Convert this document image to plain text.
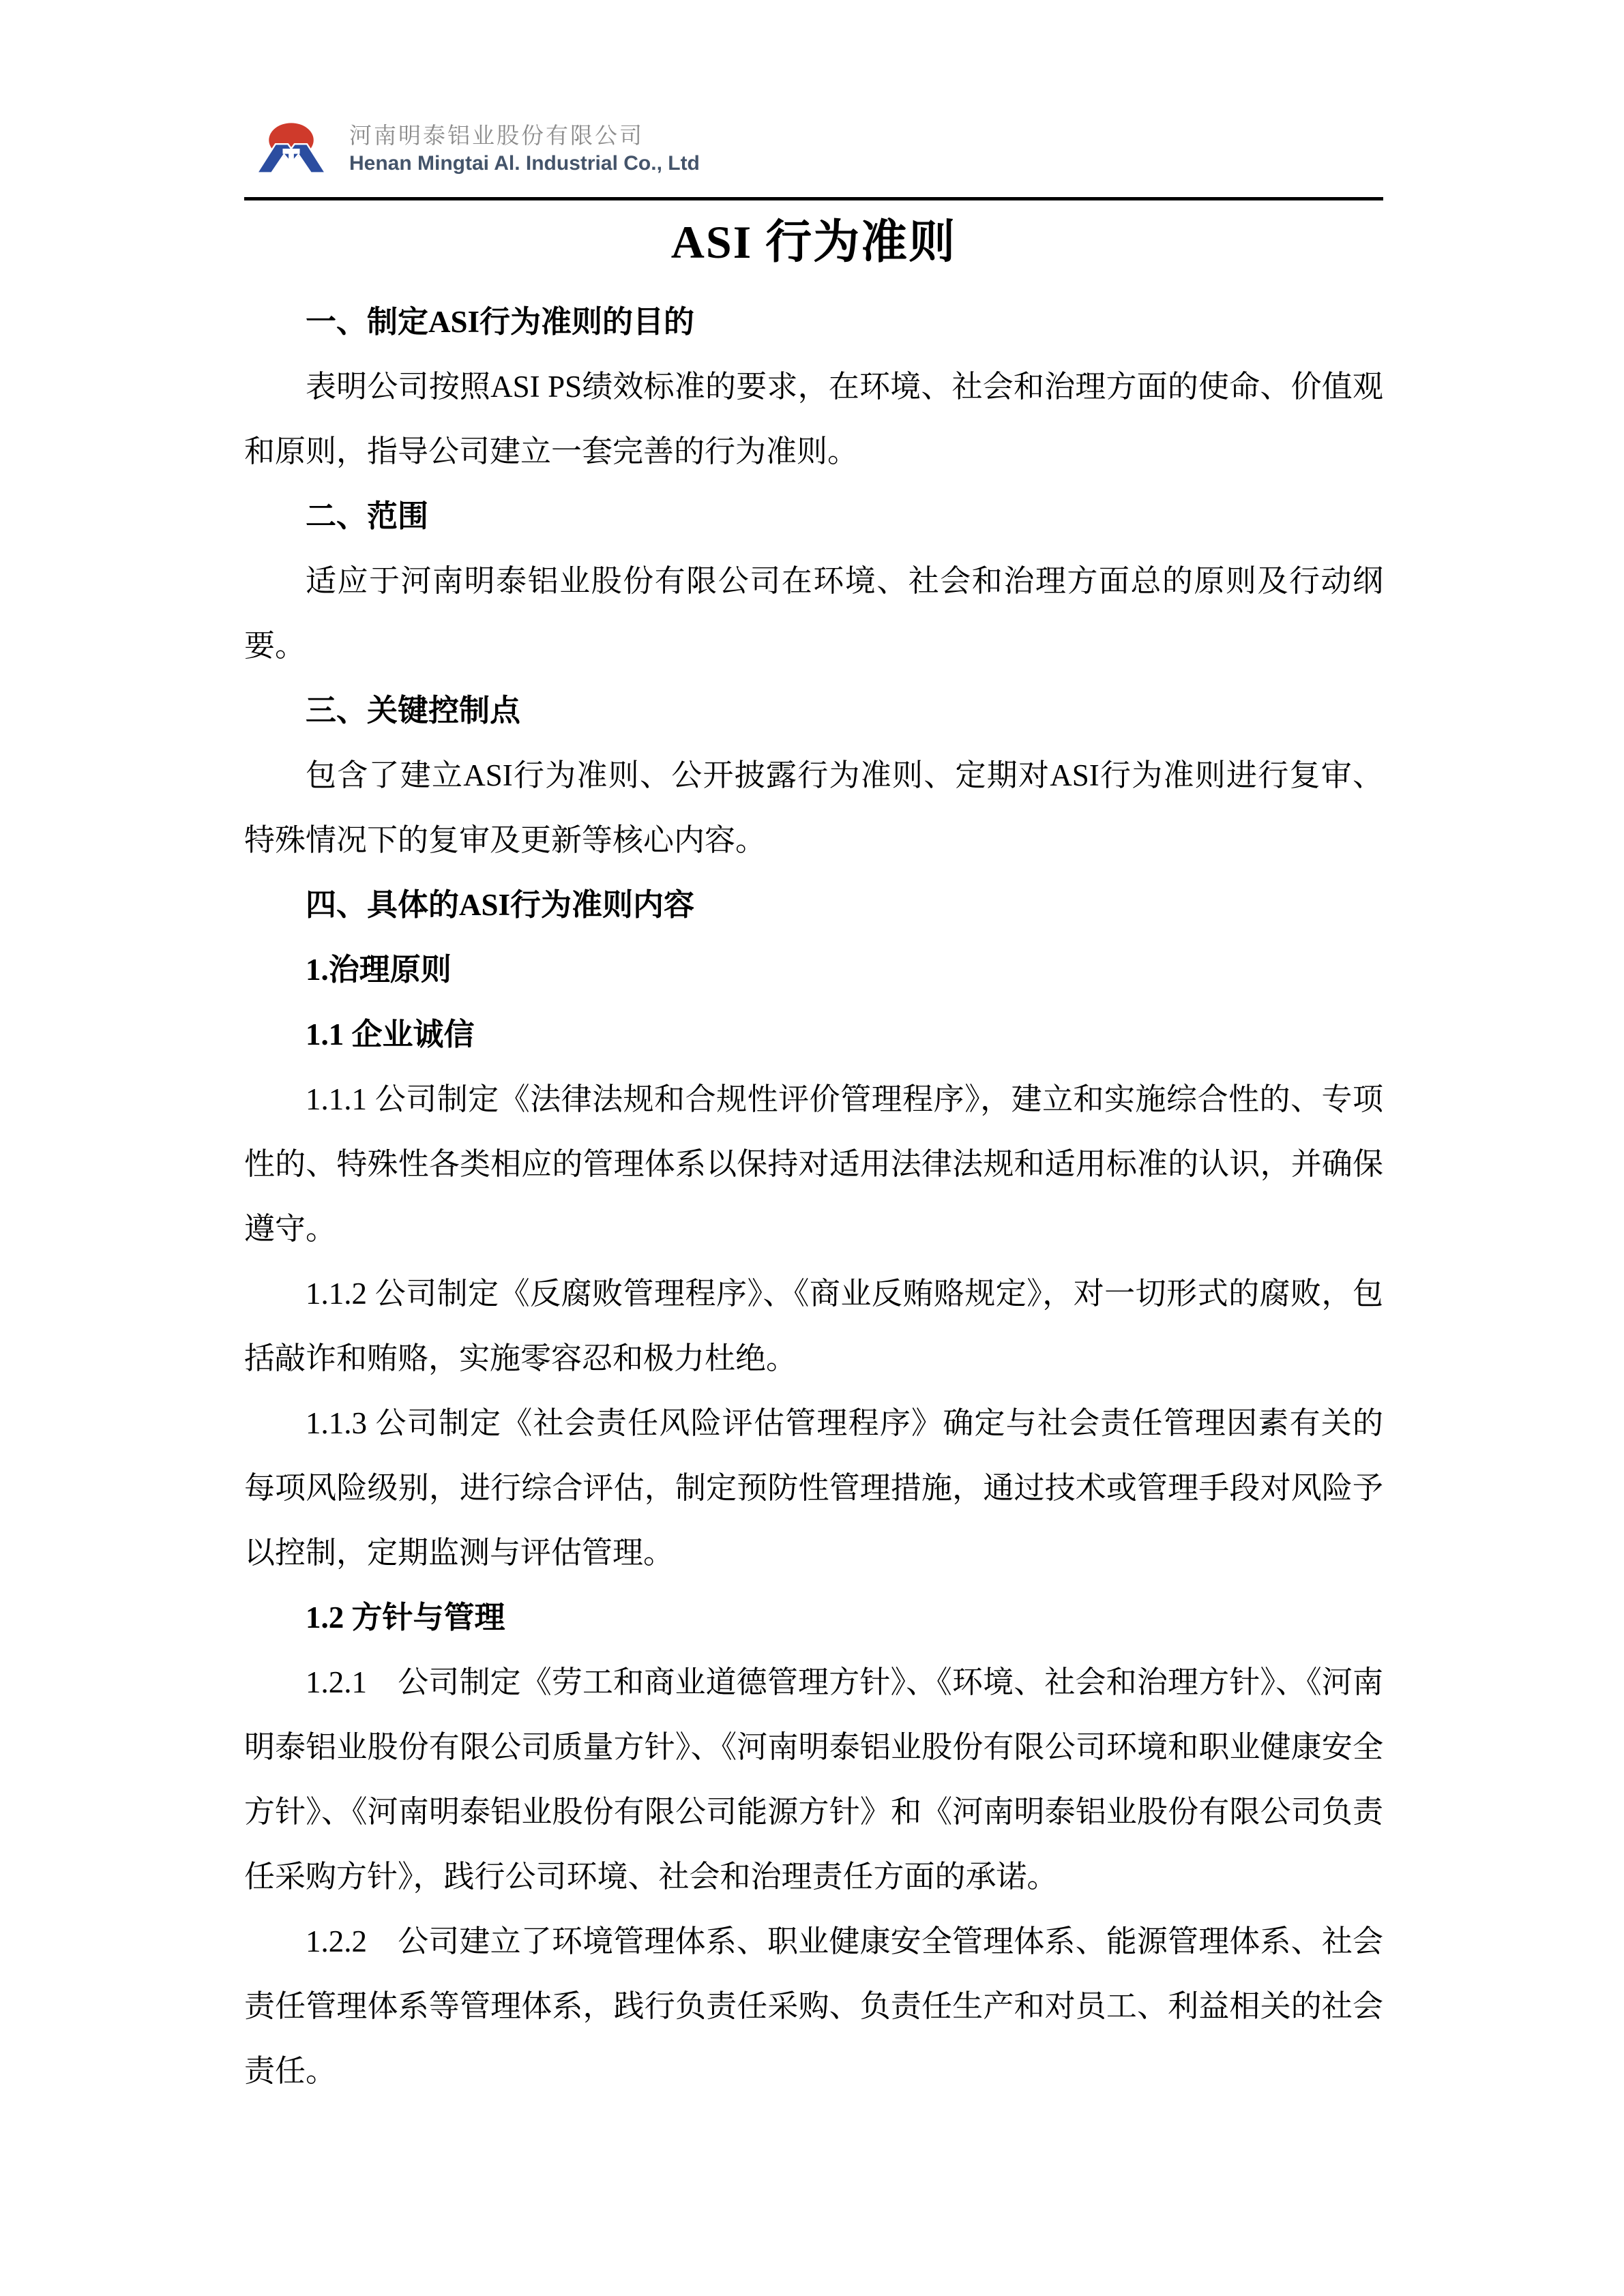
河南明泰铝业股份有限公司
Henan Mingtai Al. Industrial Co., Ltd
ASI 行为准则
一、制定ASI行为准则的目的
表明公司按照ASI PS绩效标准的要求，在环境、社会和治理方面的使命、价值观和原则，指导公司建立一套完善的行为准则。
二、范围
适应于河南明泰铝业股份有限公司在环境、社会和治理方面总的原则及行动纲要。
三、关键控制点
包含了建立ASI行为准则、公开披露行为准则、定期对ASI行为准则进行复审、特殊情况下的复审及更新等核心内容。
四、具体的ASI行为准则内容
1.治理原则
1.1 企业诚信
1.1.1 公司制定《法律法规和合规性评价管理程序》，建立和实施综合性的、专项性的、特殊性各类相应的管理体系以保持对适用法律法规和适用标准的认识，并确保遵守。
1.1.2 公司制定《反腐败管理程序》、《商业反贿赂规定》，对一切形式的腐败，包括敲诈和贿赂，实施零容忍和极力杜绝。
1.1.3 公司制定《社会责任风险评估管理程序》确定与社会责任管理因素有关的每项风险级别，进行综合评估，制定预防性管理措施，通过技术或管理手段对风险予以控制，定期监测与评估管理。
1.2 方针与管理
1.2.1  公司制定《劳工和商业道德管理方针》、《环境、社会和治理方针》、《河南明泰铝业股份有限公司质量方针》、《河南明泰铝业股份有限公司环境和职业健康安全方针》、《河南明泰铝业股份有限公司能源方针》和《河南明泰铝业股份有限公司负责任采购方针》，践行公司环境、社会和治理责任方面的承诺。
1.2.2  公司建立了环境管理体系、职业健康安全管理体系、能源管理体系、社会责任管理体系等管理体系，践行负责任采购、负责任生产和对员工、利益相关的社会责任。
